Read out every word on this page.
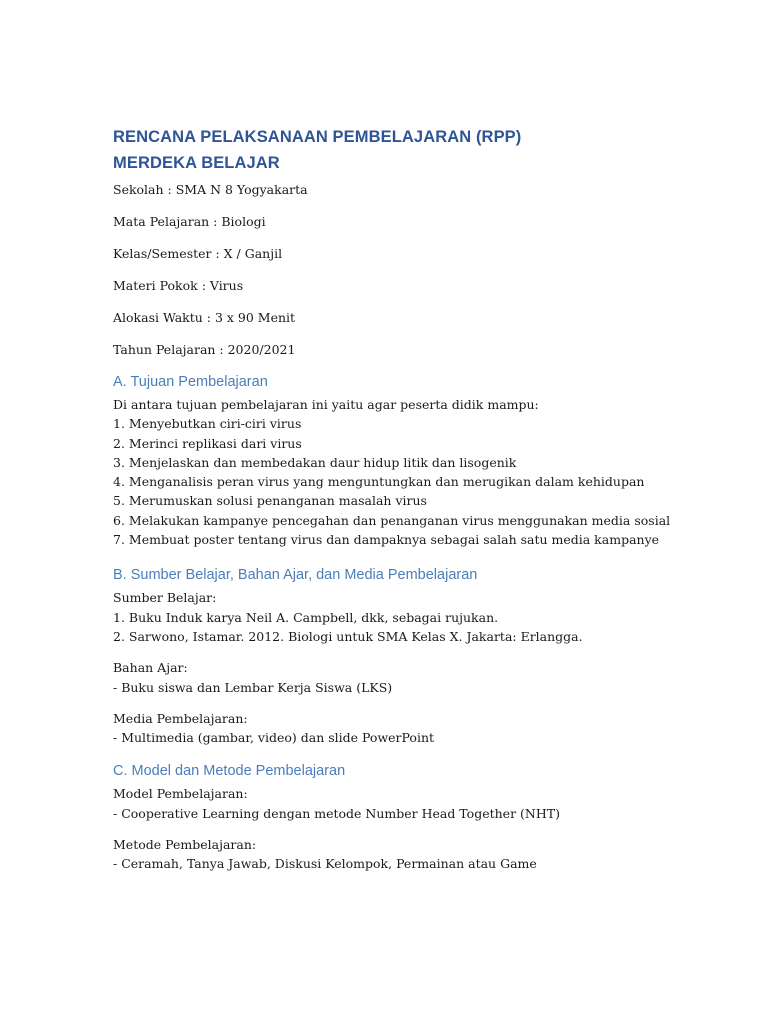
RENCANA PELAKSANAAN PEMBELAJARAN (RPP)
MERDEKA BELAJAR

Sekolah : SMA N 8 Yogyakarta

Mata Pelajaran : Biologi

Kelas/Semester : X / Ganjil

Materi Pokok : Virus

Alokasi Waktu : 3 x 90 Menit

Tahun Pelajaran : 2020/2021

A. Tujuan Pembelajaran

Di antara tujuan pembelajaran ini yaitu agar peserta didik mampu:

1. Menyebutkan ciri-ciri virus
2. Merinci replikasi dari virus
3. Menjelaskan dan membedakan daur hidup litik dan lisogenik
4. Menganalisis peran virus yang menguntungkan dan merugikan dalam kehidupan
5. Merumuskan solusi penanganan masalah virus
6. Melakukan kampanye pencegahan dan penanganan virus menggunakan media sosial
7. Membuat poster tentang virus dan dampaknya sebagai salah satu media kampanye
B. Sumber Belajar, Bahan Ajar, dan Media Pembelajaran

Sumber Belajar:

1. Buku Induk karya Neil A. Campbell, dkk, sebagai rujukan.
2. Sarwono, Istamar. 2012. Biologi untuk SMA Kelas X. Jakarta: Erlangga.

Bahan Ajar:

- Buku siswa dan Lembar Kerja Siswa (LKS)

Media Pembelajaran:

- Multimedia (gambar, video) dan slide PowerPoint
C. Model dan Metode Pembelajaran

Model Pembelajaran:

- Cooperative Learning dengan metode Number Head Together (NHT)

Metode Pembelajaran:

- Ceramah, Tanya Jawab, Diskusi Kelompok, Permainan atau Game
